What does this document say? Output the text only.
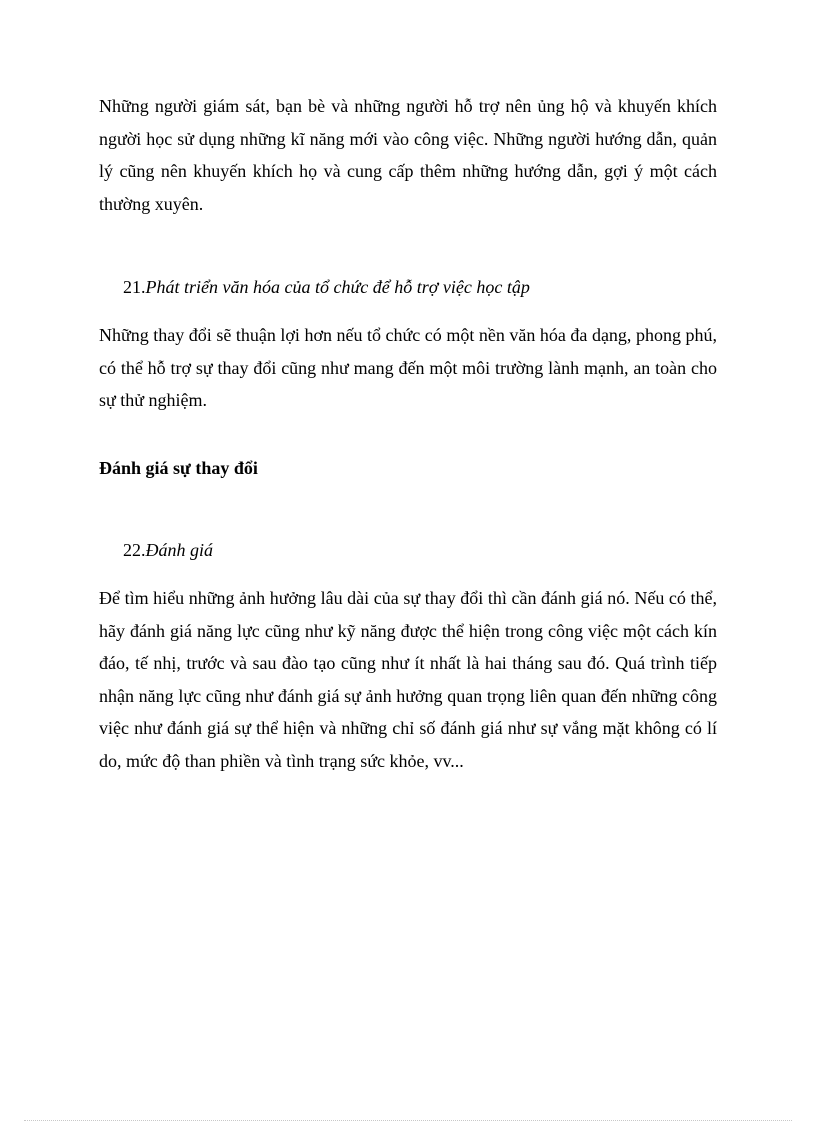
Những người giám sát, bạn bè và những người hỗ trợ nên ủng hộ và khuyến khích người học sử dụng những kĩ năng mới vào công việc. Những người hướng dẫn, quản lý cũng nên khuyến khích họ và cung cấp thêm những hướng dẫn, gợi ý một cách thường xuyên.

21.Phát triển văn hóa của tổ chức để hỗ trợ việc học tập

Những thay đổi sẽ thuận lợi hơn nếu tổ chức có một nền văn hóa đa dạng, phong phú, có thể hỗ trợ sự thay đổi cũng như mang đến một môi trường lành mạnh, an toàn cho sự thử nghiệm.

Đánh giá sự thay đổi

22.Đánh giá

Để tìm hiểu những ảnh hưởng lâu dài của sự thay đổi thì cần đánh giá nó. Nếu có thể, hãy đánh giá năng lực cũng như kỹ năng được thể hiện trong công việc một cách kín đáo, tế nhị, trước và sau đào tạo cũng như ít nhất là hai tháng sau đó. Quá trình tiếp nhận năng lực cũng như đánh giá sự ảnh hưởng quan trọng liên quan đến những công việc như đánh giá sự thể hiện và những chỉ số đánh giá như sự vắng mặt không có lí do, mức độ than phiền và tình trạng sức khỏe, vv...
